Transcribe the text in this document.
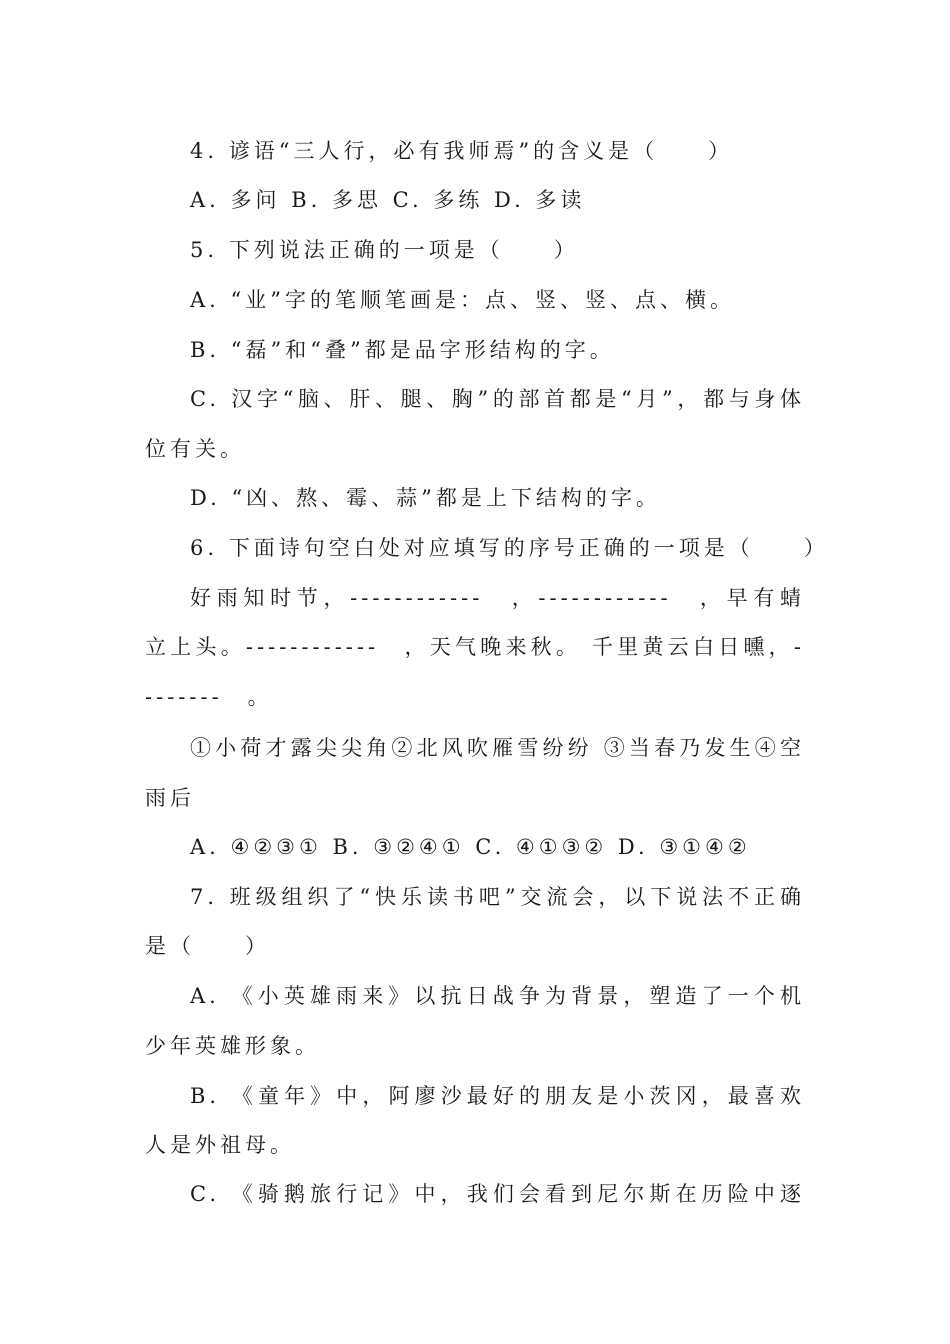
4. 谚语“三人行，必有我师焉”的含义是（　　）
A. 多问 B. 多思 C. 多练 D. 多读
5. 下列说法正确的一项是（　　）
A. “业”字的笔顺笔画是：点、竖、竖、点、横。
B. “磊”和“叠”都是品字形结构的字。
C. 汉字“脑、肝、腿、胸”的部首都是“月”，都与身体
位有关。
D. “凶、熬、霉、蒜”都是上下结构的字。
6. 下面诗句空白处对应填写的序号正确的一项是（　　）
好雨知时节，------------　，------------　，早有蜻
立上头。------------　，天气晚来秋。 千里黄云白日曛，-
-------　。
①小荷才露尖尖角②北风吹雁雪纷纷 ③当春乃发生④空
雨后
A. ④②③① B. ③②④① C. ④①③② D. ③①④②
7. 班级组织了“快乐读书吧”交流会，以下说法不正确
是（　　）
A. 《小英雄雨来》以抗日战争为背景，塑造了一个机
少年英雄形象。
B. 《童年》中，阿廖沙最好的朋友是小茨冈，最喜欢
人是外祖母。
C. 《骑鹅旅行记》中，我们会看到尼尔斯在历险中逐
